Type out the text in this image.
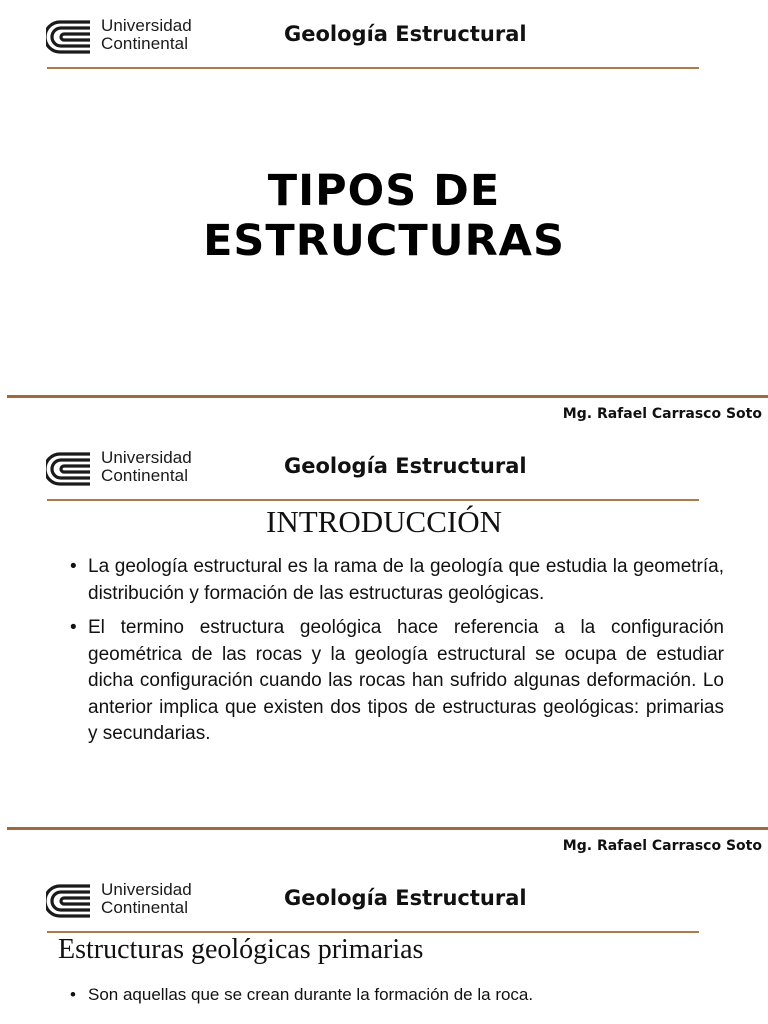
Universidad
Continental	Geología Estructural
TIPOS DE
ESTRUCTURAS
Mg. Rafael Carrasco Soto
Universidad
Continental	Geología Estructural
INTRODUCCIÓN
• La geología estructural es la rama de la geología que estudia la geometría, distribución y formación de las estructuras geológicas.
• El termino estructura geológica hace referencia a la configuración geométrica de las rocas y la geología estructural se ocupa de estudiar dicha configuración cuando las rocas han sufrido algunas deformación. Lo anterior implica que existen dos tipos de estructuras geológicas: primarias y secundarias.
Mg. Rafael Carrasco Soto
Universidad
Continental	Geología Estructural
Estructuras geológicas primarias
• Son aquellas que se crean durante la formación de la roca.
